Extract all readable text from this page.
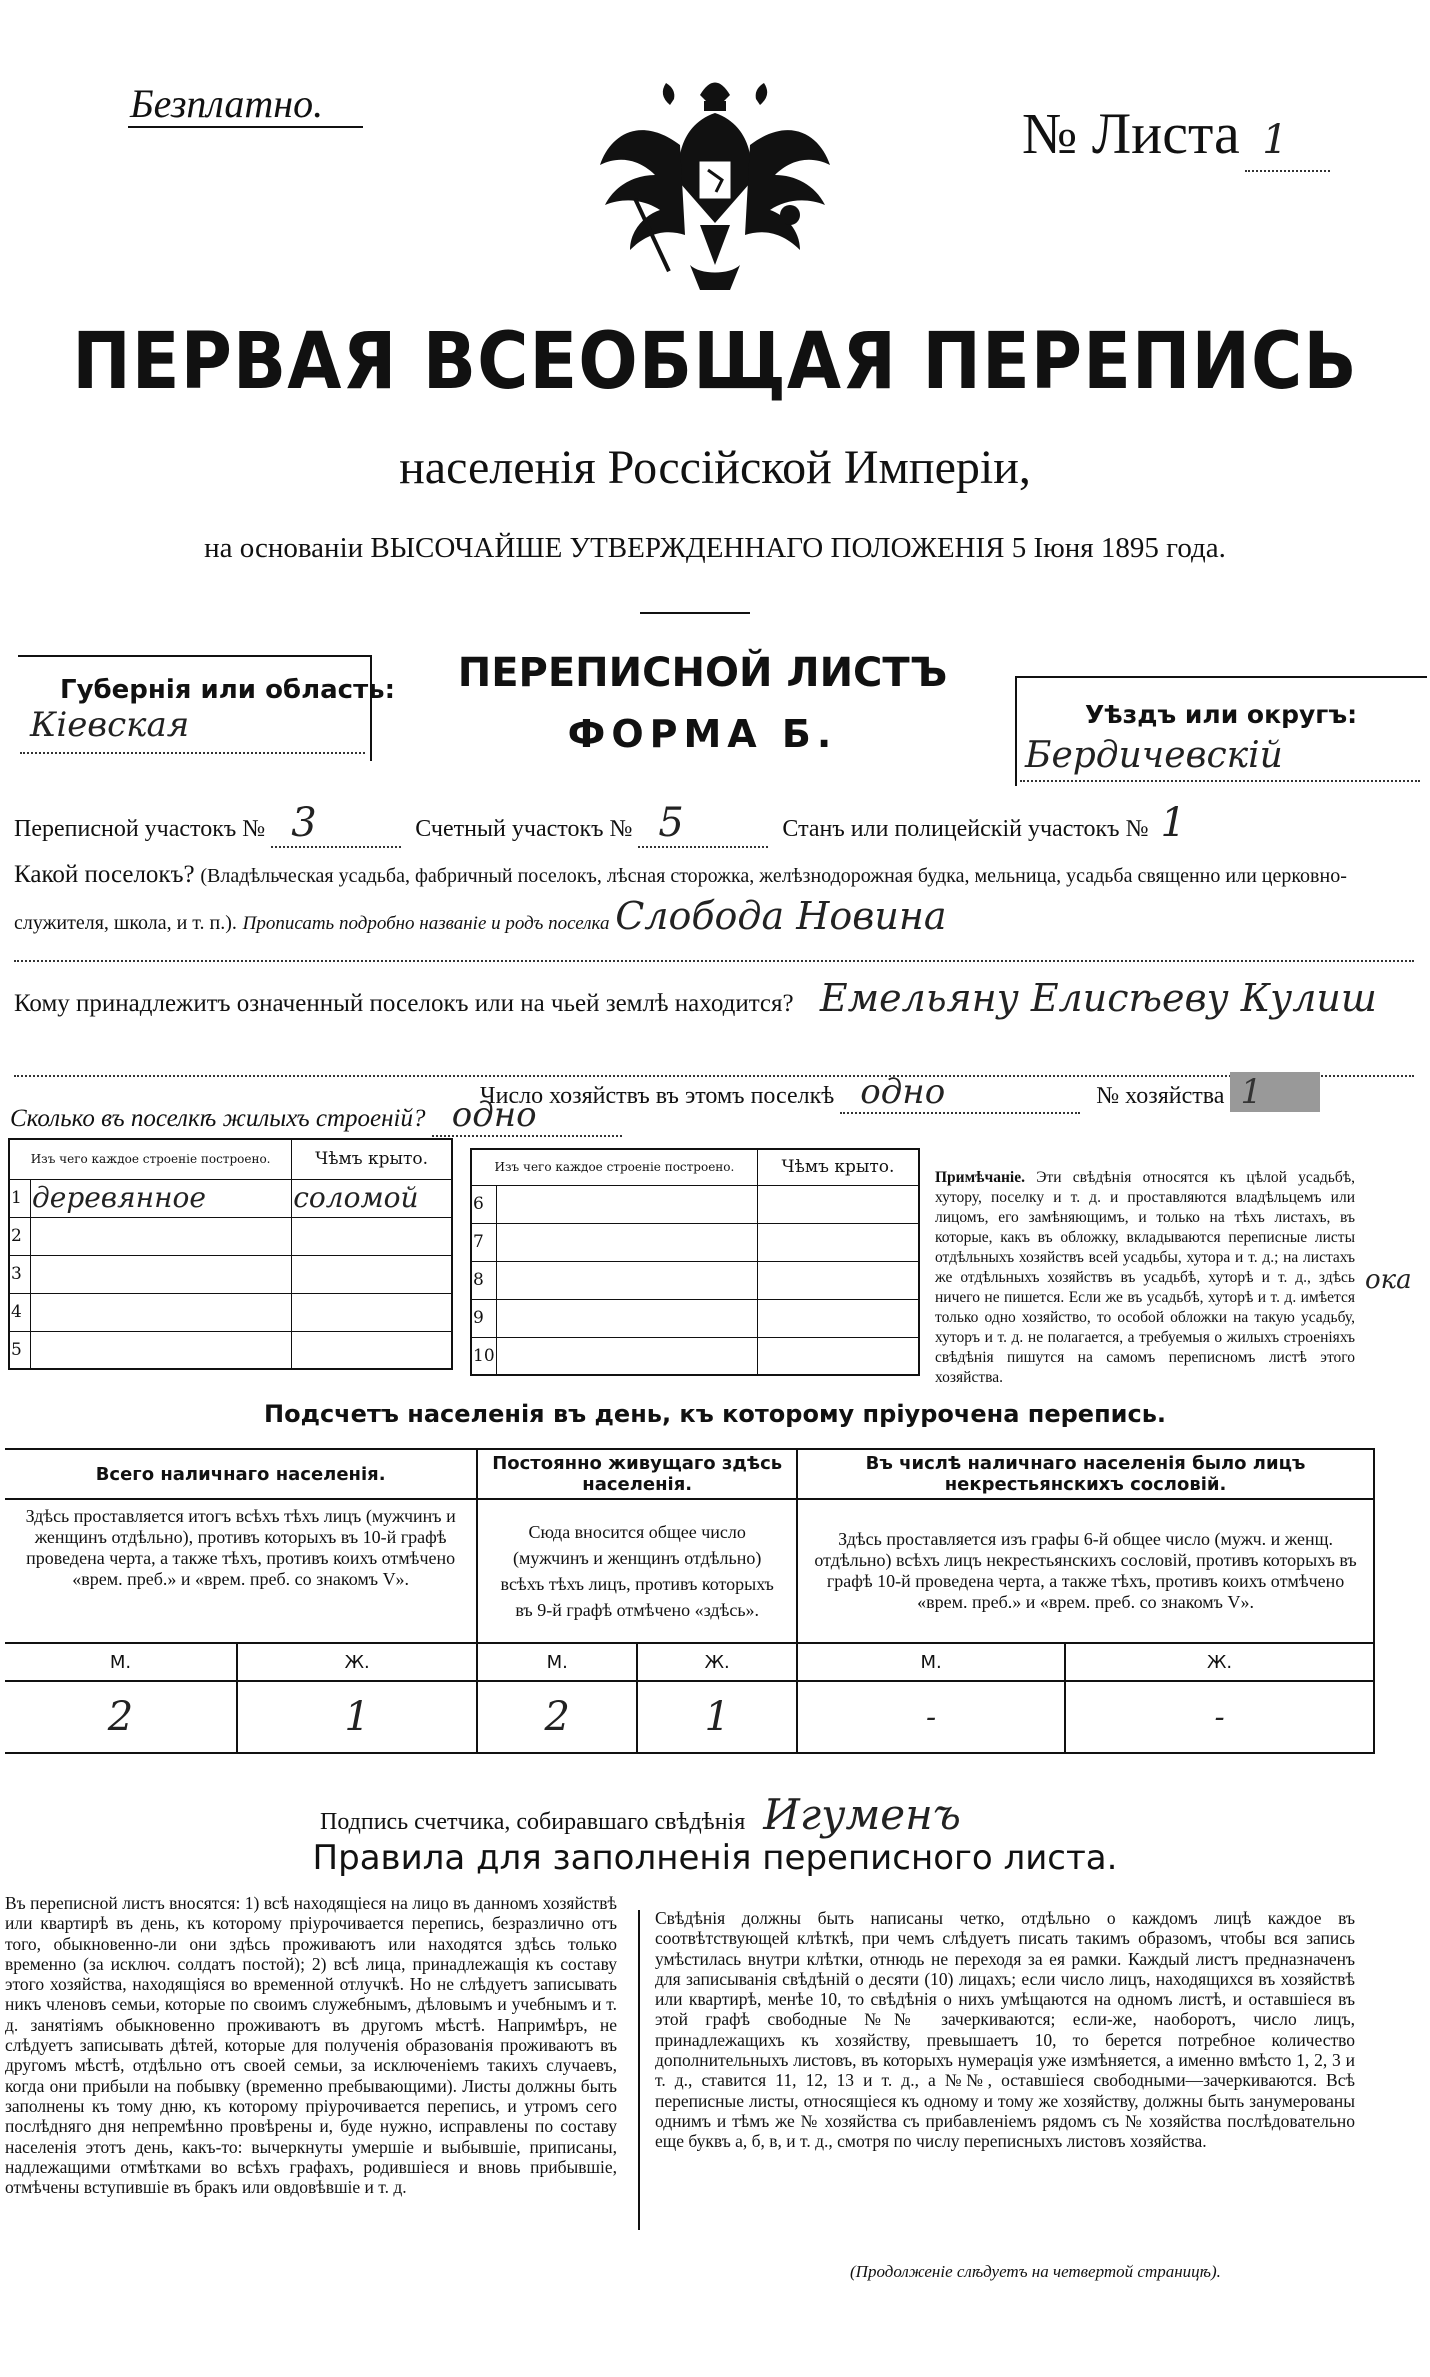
Безплатно.	№ Листа 1
ПЕРВАЯ ВСЕОБЩАЯ ПЕРЕПИСЬ
населенія Россійской Имперіи,
на основаніи ВЫСОЧАЙШЕ УТВЕРЖДЕННАГО ПОЛОЖЕНІЯ 5 Іюня 1895 года.
Губернія или область:
Кіевская
ПЕРЕПИСНОЙ ЛИСТЪ
ФОРМА Б.	Уѣздъ или округъ:
Бердичевскій
Переписной участокъ № 3	Счетный участокъ № 5	Станъ или полицейскій участокъ № 1
Какой поселокъ? (Владѣльческая усадьба, фабричный поселокъ, лѣсная сторожка, желѣзнодорожная будка, мельница, усадьба священно или церковно-служителя, школа, и т. п.). Прописать подробно названіе и родъ поселка Слобода Новина
Кому принадлежитъ означенный поселокъ или на чьей землѣ находится? Емельяну Елисѣеву Кулиш
Число хозяйствъ въ этомъ поселкѣ одно	№ хозяйства 1
Сколько въ поселкѣ жилыхъ строеній? одно
Изъ чего каждое строеніе построено.		Чѣмъ крыто.
1	деревянное	соломой
2		
3		
4		
5		
Изъ чего каждое строеніе построено.		Чѣмъ крыто.
6		
7		
8		
9		
10		
Примѣчаніе. Эти свѣдѣнія относятся къ цѣлой усадьбѣ, хутору, поселку и т. д. и проставляются владѣльцемъ или лицомъ, его замѣняющимъ, и только на тѣхъ листахъ, въ которые, какъ въ обложку, вкладываются переписные листы отдѣльныхъ хозяйствъ всей усадьбы, хутора и т. д.; на листахъ же отдѣльныхъ хозяйствъ въ усадьбѣ, хуторѣ и т. д., здѣсь ничего не пишется. Если же въ усадьбѣ, хуторѣ и т. д. имѣется только одно хозяйство, то особой обложки на такую усадьбу, хуторъ и т. д. не полагается, а требуемыя о жилыхъ строеніяхъ свѣдѣнія пишутся на самомъ переписномъ листѣ этого хозяйства.
ока
Подсчетъ населенія въ день, къ которому пріурочена перепись.
Всего наличнаго населенія.		Постоянно живущаго здѣсь населенія.		Въ числѣ наличнаго населенія было лицъ некрестьянскихъ сословій.	
Здѣсь проставляется итогъ всѣхъ тѣхъ лицъ (мужчинъ и женщинъ отдѣльно), противъ которыхъ въ 10-й графѣ проведена черта, а также тѣхъ, противъ коихъ отмѣчено «врем. преб.» и «врем. преб. со знакомъ V».		Сюда вносится общее число (мужчинъ и женщинъ отдѣльно) всѣхъ тѣхъ лицъ, противъ которыхъ въ 9-й графѣ отмѣчено «здѣсь».		Здѣсь проставляется изъ графы 6-й общее число (мужч. и женщ. отдѣльно) всѣхъ лицъ некрестьянскихъ сословій, противъ которыхъ въ графѣ 10-й проведена черта, а также тѣхъ, противъ коихъ отмѣчено «врем. преб.» и «врем. преб. со знакомъ V».	
М.	Ж.	М.	Ж.	М.	Ж.
2	1	2	1	-	-
Подпись счетчика, собиравшаго свѣдѣнія Игуменъ
Правила для заполненія переписного листа.
Въ переписной листъ вносятся: 1) всѣ находящіеся на лицо въ данномъ хозяйствѣ или квартирѣ въ день, къ которому пріурочивается перепись, безразлично отъ того, обыкновенно-ли они здѣсь проживаютъ или находятся здѣсь только временно (за исключ. солдатъ постой); 2) всѣ лица, принадлежащія къ составу этого хозяйства, находящіяся во временной отлучкѣ. Но не слѣдуетъ записывать никъ членовъ семьи, которые по своимъ служебнымъ, дѣловымъ и учебнымъ и т. д. занятіямъ обыкновенно проживаютъ въ другомъ мѣстѣ. Напримѣръ, не слѣдуетъ записывать дѣтей, которые для полученія образованія проживаютъ въ другомъ мѣстѣ, отдѣльно отъ своей семьи, за исключеніемъ такихъ случаевъ, когда они прибыли на побывку (временно пребывающими). Листы должны быть заполнены къ тому дню, къ которому пріурочивается перепись, и утромъ сего послѣдняго дня непремѣнно провѣрены и, буде нужно, исправлены по составу населенія этотъ день, какъ-то: вычеркнуты умершіе и выбывшіе, приписаны, надлежащими отмѣтками во всѣхъ графахъ, родившіеся и вновь прибывшіе, отмѣчены вступившіе въ бракъ или овдовѣвшіе и т. д.
Свѣдѣнія должны быть написаны четко, отдѣльно о каждомъ лицѣ каждое въ соотвѣтствующей клѣткѣ, при чемъ слѣдуетъ писать такимъ образомъ, чтобы вся запись умѣстилась внутри клѣтки, отнюдь не переходя за ея рамки. Каждый листъ предназначенъ для записыванія свѣдѣній о десяти (10) лицахъ; если число лицъ, находящихся въ хозяйствѣ или квартирѣ, менѣе 10, то свѣдѣнія о нихъ умѣщаются на одномъ листѣ, и оставшіеся въ этой графѣ свободные №№ зачеркиваются; если-же, наоборотъ, число лицъ, принадлежащихъ къ хозяйству, превышаетъ 10, то берется потребное количество дополнительныхъ листовъ, въ которыхъ нумерація уже измѣняется, а именно вмѣсто 1, 2, 3 и т. д., ставится 11, 12, 13 и т. д., а №№, оставшіеся свободными—зачеркиваются. Всѣ переписные листы, относящіеся къ одному и тому же хозяйству, должны быть занумерованы однимъ и тѣмъ же № хозяйства съ прибавленіемъ рядомъ съ № хозяйства послѣдовательно еще буквъ а, б, в, и т. д., смотря по числу переписныхъ листовъ хозяйства.
(Продолженіе слѣдуетъ на четвертой страницѣ).
